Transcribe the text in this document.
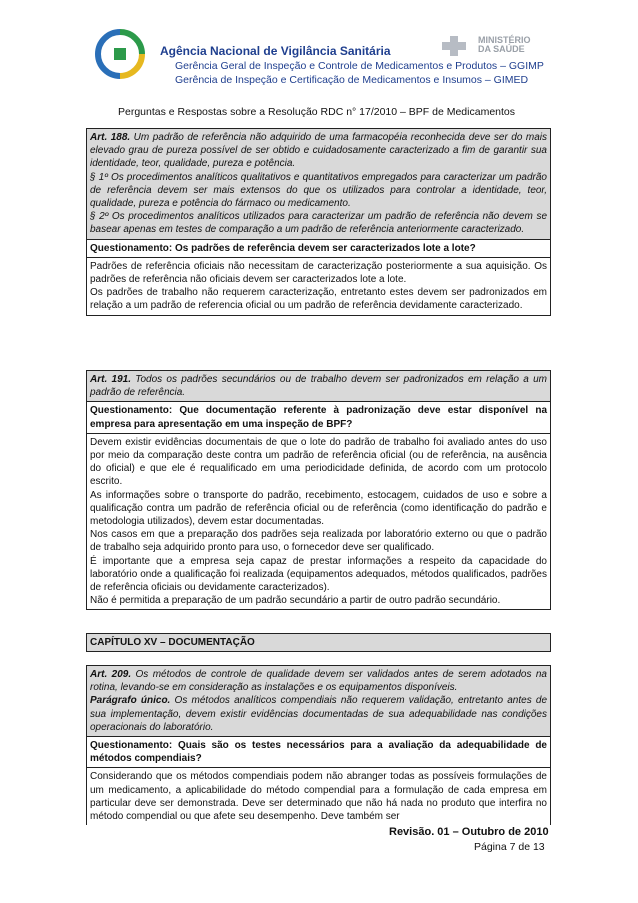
Agência Nacional de Vigilância Sanitária
Gerência Geral de Inspeção e Controle de Medicamentos e Produtos – GGIMP
Gerência de Inspeção e Certificação de Medicamentos e Insumos – GIMED
MINISTÉRIO
DA SAÚDE
Perguntas e Respostas sobre a Resolução RDC n° 17/2010 – BPF de Medicamentos

Art. 188. Um padrão de referência não adquirido de uma farmacopéia reconhecida deve ser do mais elevado grau de pureza possível de ser obtido e cuidadosamente caracterizado a fim de garantir sua identidade, teor, qualidade, pureza e potência.

§ 1º Os procedimentos analíticos qualitativos e quantitativos empregados para caracterizar um padrão de referência devem ser mais extensos do que os utilizados para controlar a identidade, teor, qualidade, pureza e potência do fármaco ou medicamento.

§ 2º Os procedimentos analíticos utilizados para caracterizar um padrão de referência não devem se basear apenas em testes de comparação a um padrão de referência anteriormente caracterizado.

Questionamento: Os padrões de referência devem ser caracterizados lote a lote?

Padrões de referência oficiais não necessitam de caracterização posteriormente a sua aquisição. Os padrões de referência não oficiais devem ser caracterizados lote a lote.

Os padrões de trabalho não requerem caracterização, entretanto estes devem ser padronizados em relação a um padrão de referencia oficial ou um padrão de referência devidamente caracterizado.

Art. 191. Todos os padrões secundários ou de trabalho devem ser padronizados em relação a um padrão de referência.

Questionamento: Que documentação referente à padronização deve estar disponível na empresa para apresentação em uma inspeção de BPF?

Devem existir evidências documentais de que o lote do padrão de trabalho foi avaliado antes do uso por meio da comparação deste contra um padrão de referência oficial (ou de referência, na ausência do oficial) e que ele é requalificado em uma periodicidade definida, de acordo com um protocolo escrito.

As informações sobre o transporte do padrão, recebimento, estocagem, cuidados de uso e sobre a qualificação contra um padrão de referência oficial ou de referência (como identificação do padrão e metodologia utilizados), devem estar documentadas.

Nos casos em que a preparação dos padrões seja realizada por laboratório externo ou que o padrão de trabalho seja adquirido pronto para uso, o fornecedor deve ser qualificado.

É importante que a empresa seja capaz de prestar informações a respeito da capacidade do laboratório onde a qualificação foi realizada (equipamentos adequados, métodos qualificados, padrões de referência oficiais ou devidamente caracterizados).

Não é permitida a preparação de um padrão secundário a partir de outro padrão secundário.

CAPÍTULO XV – DOCUMENTAÇÃO

Art. 209. Os métodos de controle de qualidade devem ser validados antes de serem adotados na rotina, levando-se em consideração as instalações e os equipamentos disponíveis.

Parágrafo único. Os métodos analíticos compendiais não requerem validação, entretanto antes de sua implementação, devem existir evidências documentadas de sua adequabilidade nas condições operacionais do laboratório.

Questionamento: Quais são os testes necessários para a avaliação da adequabilidade de métodos compendiais?
Considerando que os métodos compendiais podem não abranger todas as possíveis formulações de um medicamento, a aplicabilidade do método compendial para a formulação de cada empresa em particular deve ser demonstrada. Deve ser determinado que não há nada no produto que interfira no método compendial ou que afete seu desempenho. Deve também ser
Revisão. 01 – Outubro de 2010
Página 7 de 13
